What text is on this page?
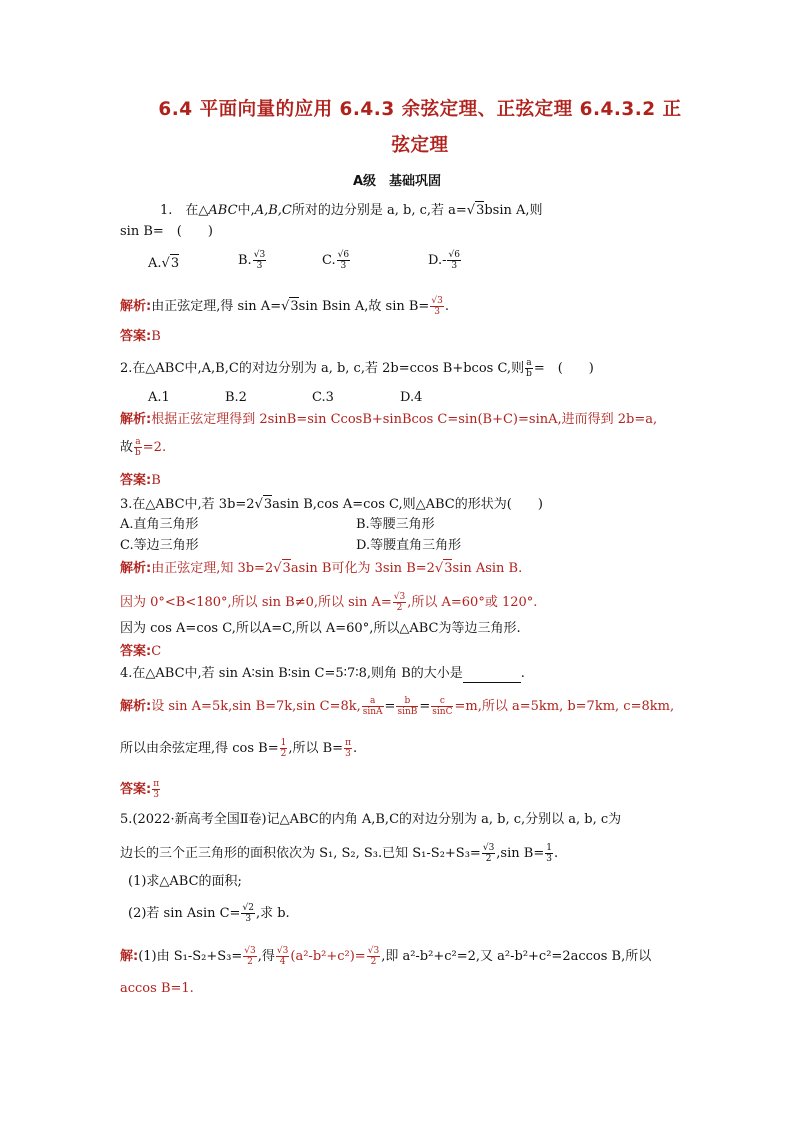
6.4 平面向量的应用 6.4.3 余弦定理、正弦定理 6.4.3.2 正弦定理
A级　基础巩固
1.　在△ABC中,A,B,C所对的边分别是 a, b, c,若 a= √ 3bsin A,则
sin B=　(　　)
A. √ 3	B. √ $\frac{3}{3}$	C. √ $\frac{6}{3}$	D.- √ $\frac{6}{3}$
解析:由正弦定理,得 sin A= √ 3sin Bsin A,故 sin B= √ $\frac{3}{3}$ .
答案:B
2.在△ABC中,A,B,C的对边分别为 a, b, c,若 2b=ccos B+bcos C,则 $\frac{a}{b}$ =　(　　)
A.1	B.2	C.3	D.4
解析:根据正弦定理得到 2sinB=sin CcosB+sinBcos C=sin(B+C)=sinA,进而得到 2b=a,
故 $\frac{a}{b} =2$.
答案:B
3.在△ABC中,若 3b=2 √ 3asin B,cos A=cos C,则△ABC的形状为(　　)
A.直角三角形	B.等腰三角形
C.等边三角形	D.等腰直角三角形
解析:由正弦定理,知 3b=2 √ 3asin B可化为 3sin B=2 √ 3sin Asin B.
因为 0°<B<180°,所以 sin B≠0,所以 sin A= √ $\frac{3}{2}$ ,所以 A=60°或 120°.
因为 cos A=cos C,所以A=C,所以 A=60°,所以△ABC为等边三角形.
答案:C
4.在△ABC中,若 sin A∶sin B∶sin C=5∶7∶8,则角 B的大小是	.
解析:设 sin A=5k,sin B=7k,sin C=8k, $\frac{a}{\sin A} = \frac{b}{\sin B} = \frac{c}{\sin C} =m$,所以 a=5km, b=7km, c=8km,
所以由余弦定理,得 $\cos B= \frac{1}{2}$ ,所以 $B= \frac{\pi}{3}$ .
答案: $\frac{\pi}{3}$
5.(2022·新高考全国Ⅱ卷)记△ABC的内角 A,B,C的对边分别为 a, b, c,分别以 a, b, c为
边长的三个正三角形的面积依次为 S₁, S₂, S₃.已知 S₁-S₂+S₃= √ $\frac{3}{2} ,\sin$ $B= \frac{1}{3}$ .
(1)求△ABC的面积;
(2)若 sin Asin C= √ $\frac{2}{3}$ ,求 b.
解:(1)由 S₁-S₂+S₃= √ $\frac{3}{2}$ ,得 √ $\frac{3}{4} (a^2-b^2+c^2)=$ √ $\frac{3}{2}$ ,即 a²-b²+c²=2,又 a²-b²+c²=2accos B,所以
accos B=1.
